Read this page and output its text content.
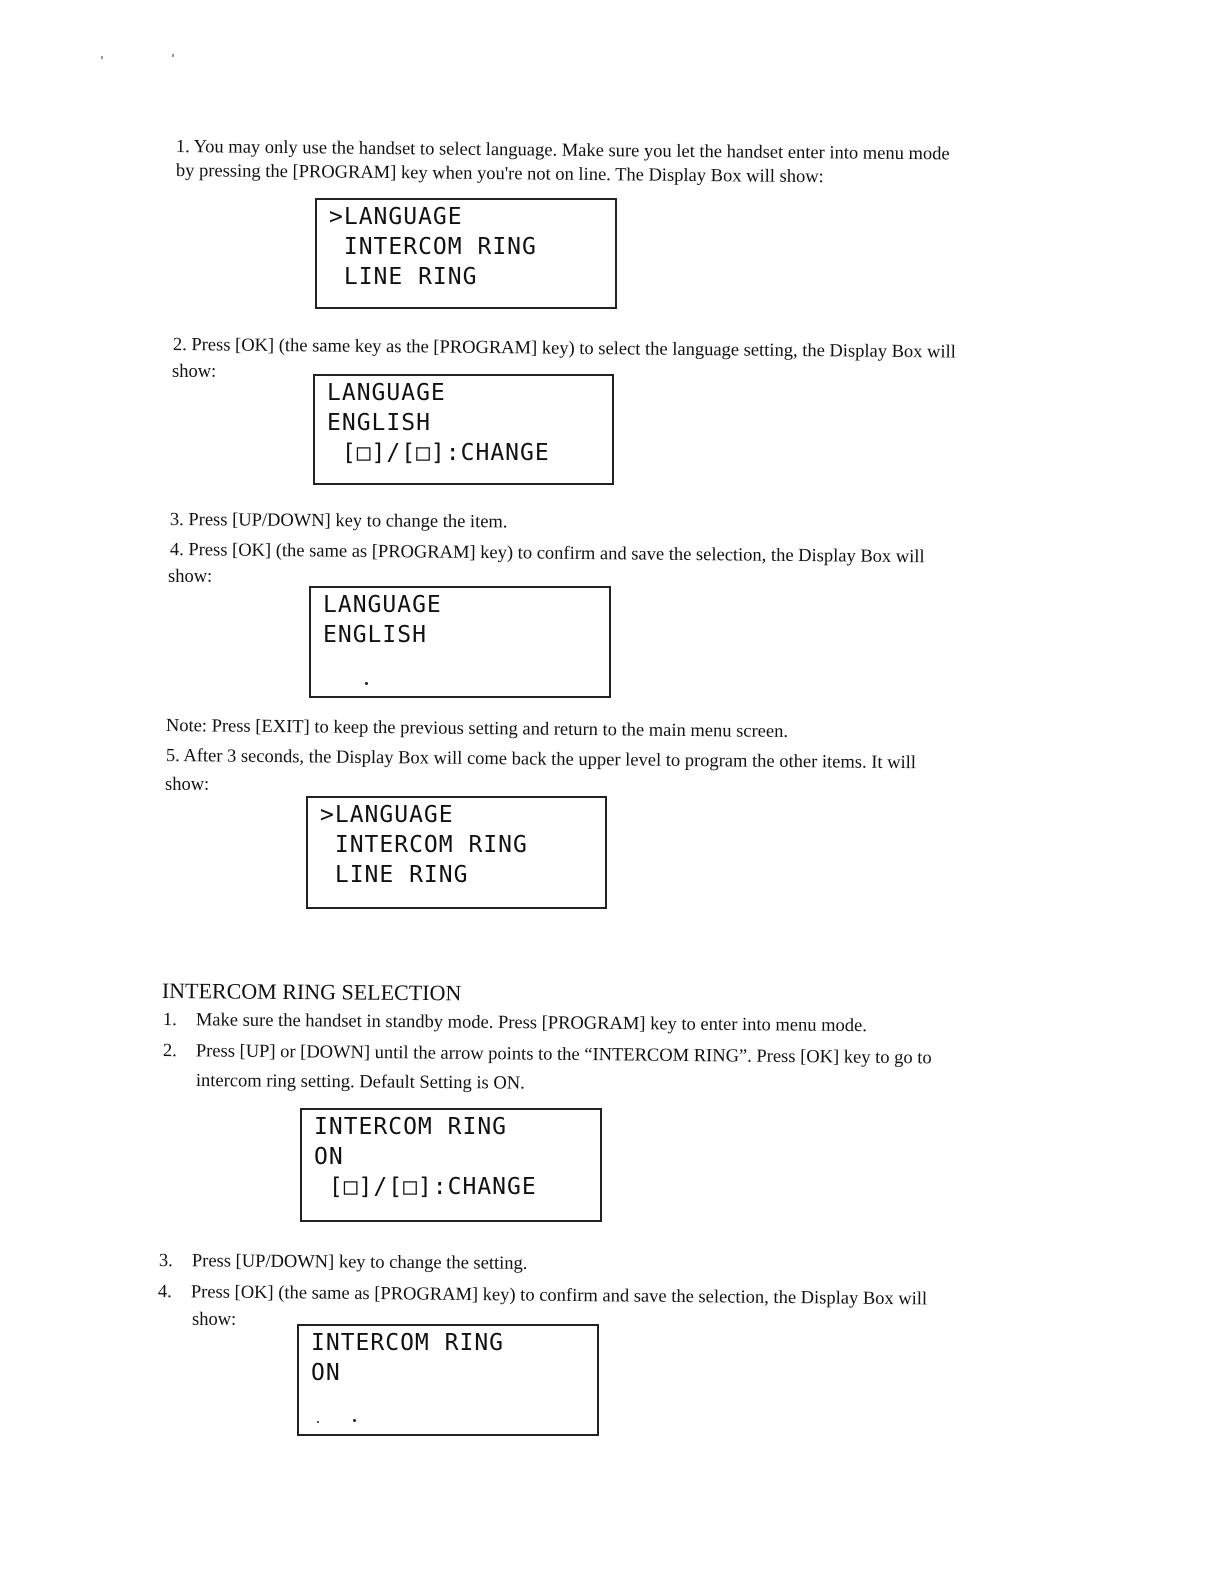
1. You may only use the handset to select language. Make sure you let the handset enter into menu mode
by pressing the [PROGRAM] key when you're not on line. The Display Box will show:
>LANGUAGE
INTERCOM RING
LINE RING
2. Press [OK] (the same key as the [PROGRAM] key) to select the language setting, the Display Box will
show:
LANGUAGE
ENGLISH
[□]/[□]:CHANGE
3. Press [UP/DOWN] key to change the item.
4. Press [OK] (the same as [PROGRAM] key) to confirm and save the selection, the Display Box will
show:
LANGUAGE
ENGLISH
Note: Press [EXIT] to keep the previous setting and return to the main menu screen.
5. After 3 seconds, the Display Box will come back the upper level to program the other items. It will
show:
>LANGUAGE
INTERCOM RING
LINE RING
INTERCOM RING SELECTION
1. Make sure the handset in standby mode. Press [PROGRAM] key to enter into menu mode.
2. Press [UP] or [DOWN] until the arrow points to the “INTERCOM RING”. Press [OK] key to go to
intercom ring setting. Default Setting is ON.
INTERCOM RING
ON
[□]/[□]:CHANGE
3. Press [UP/DOWN] key to change the setting.
4. Press [OK] (the same as [PROGRAM] key) to confirm and save the selection, the Display Box will
show:
INTERCOM RING
ON
